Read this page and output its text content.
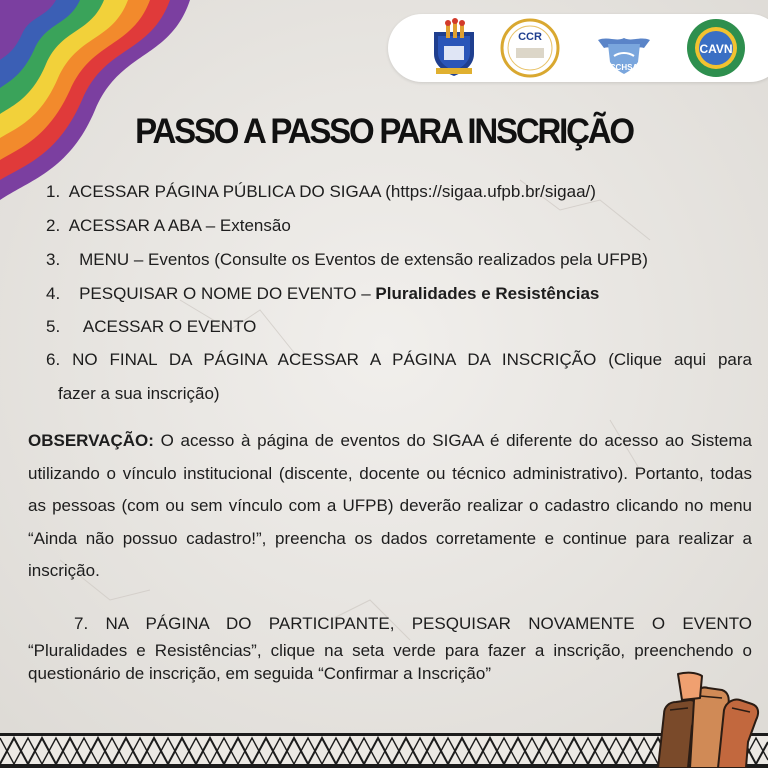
CCR
CCHSA
CAVN
PASSO A PASSO PARA INSCRIÇÃO
1. ACESSAR PÁGINA PÚBLICA DO SIGAA (https://sigaa.ufpb.br/sigaa/)
2. ACESSAR A ABA – Extensão
3. MENU – Eventos (Consulte os Eventos de extensão realizados pela UFPB)
4. PESQUISAR O NOME DO EVENTO – Pluralidades e Resistências
5. ACESSAR O EVENTO
6. NO FINAL DA PÁGINA ACESSAR A PÁGINA DA INSCRIÇÃO (Clique aqui para
fazer a sua inscrição)
OBSERVAÇÃO: O acesso à página de eventos do SIGAA é diferente do acesso ao Sistema utilizando o vínculo institucional (discente, docente ou técnico administrativo). Portanto, todas as pessoas (com ou sem vínculo com a UFPB) deverão realizar o cadastro clicando no menu “Ainda não possuo cadastro!”, preencha os dados corretamente e continue para realizar a inscrição.
7. NA PÁGINA DO PARTICIPANTE, PESQUISAR NOVAMENTE O EVENTO
“Pluralidades e Resistências”, clique na seta verde para fazer a inscrição, preenchendo o questionário de inscrição, em seguida “Confirmar a Inscrição”
